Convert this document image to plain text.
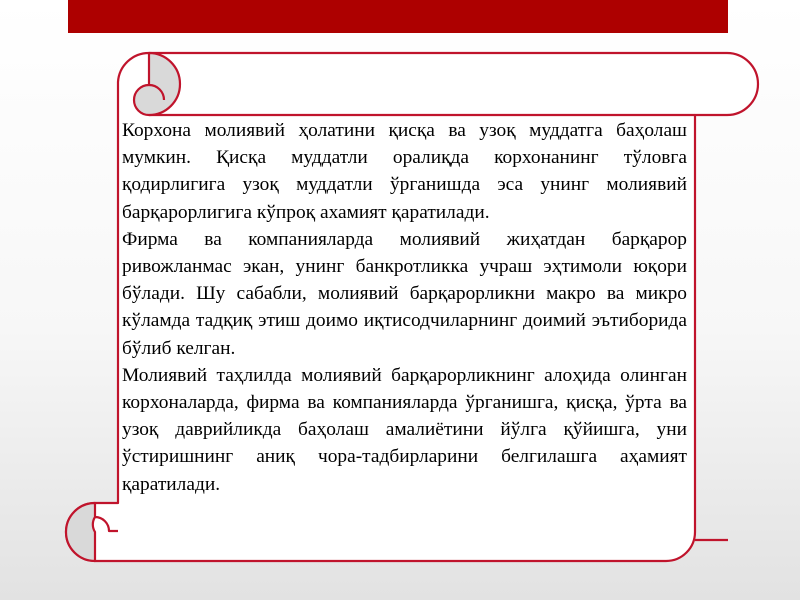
Корхона молиявий ҳолатини қисқа ва узоқ муддатга баҳолаш мумкин. Қисқа муддатли оралиқда корхонанинг тўловга қодирлигига узоқ муддатли ўрганишда эса унинг молиявий барқарорлигига кўпроқ ахамият қаратилади.

Фирма ва компанияларда молиявий жиҳатдан барқарор ривожланмас экан, унинг банкротликка учраш эҳтимоли юқори бўлади. Шу сабабли, молиявий барқарорликни макро ва микро кўламда тадқиқ этиш доимо иқтисодчиларнинг доимий эътиборида бўлиб келган.

Молиявий таҳлилда молиявий барқарорликнинг алоҳида олинган корхоналарда, фирма ва компанияларда ўрганишга, қисқа, ўрта ва узоқ даврийликда баҳолаш амалиётини йўлга қўйишга, уни ўстиришнинг аниқ чора-тадбирларини белгилашга аҳамият қаратилади.
